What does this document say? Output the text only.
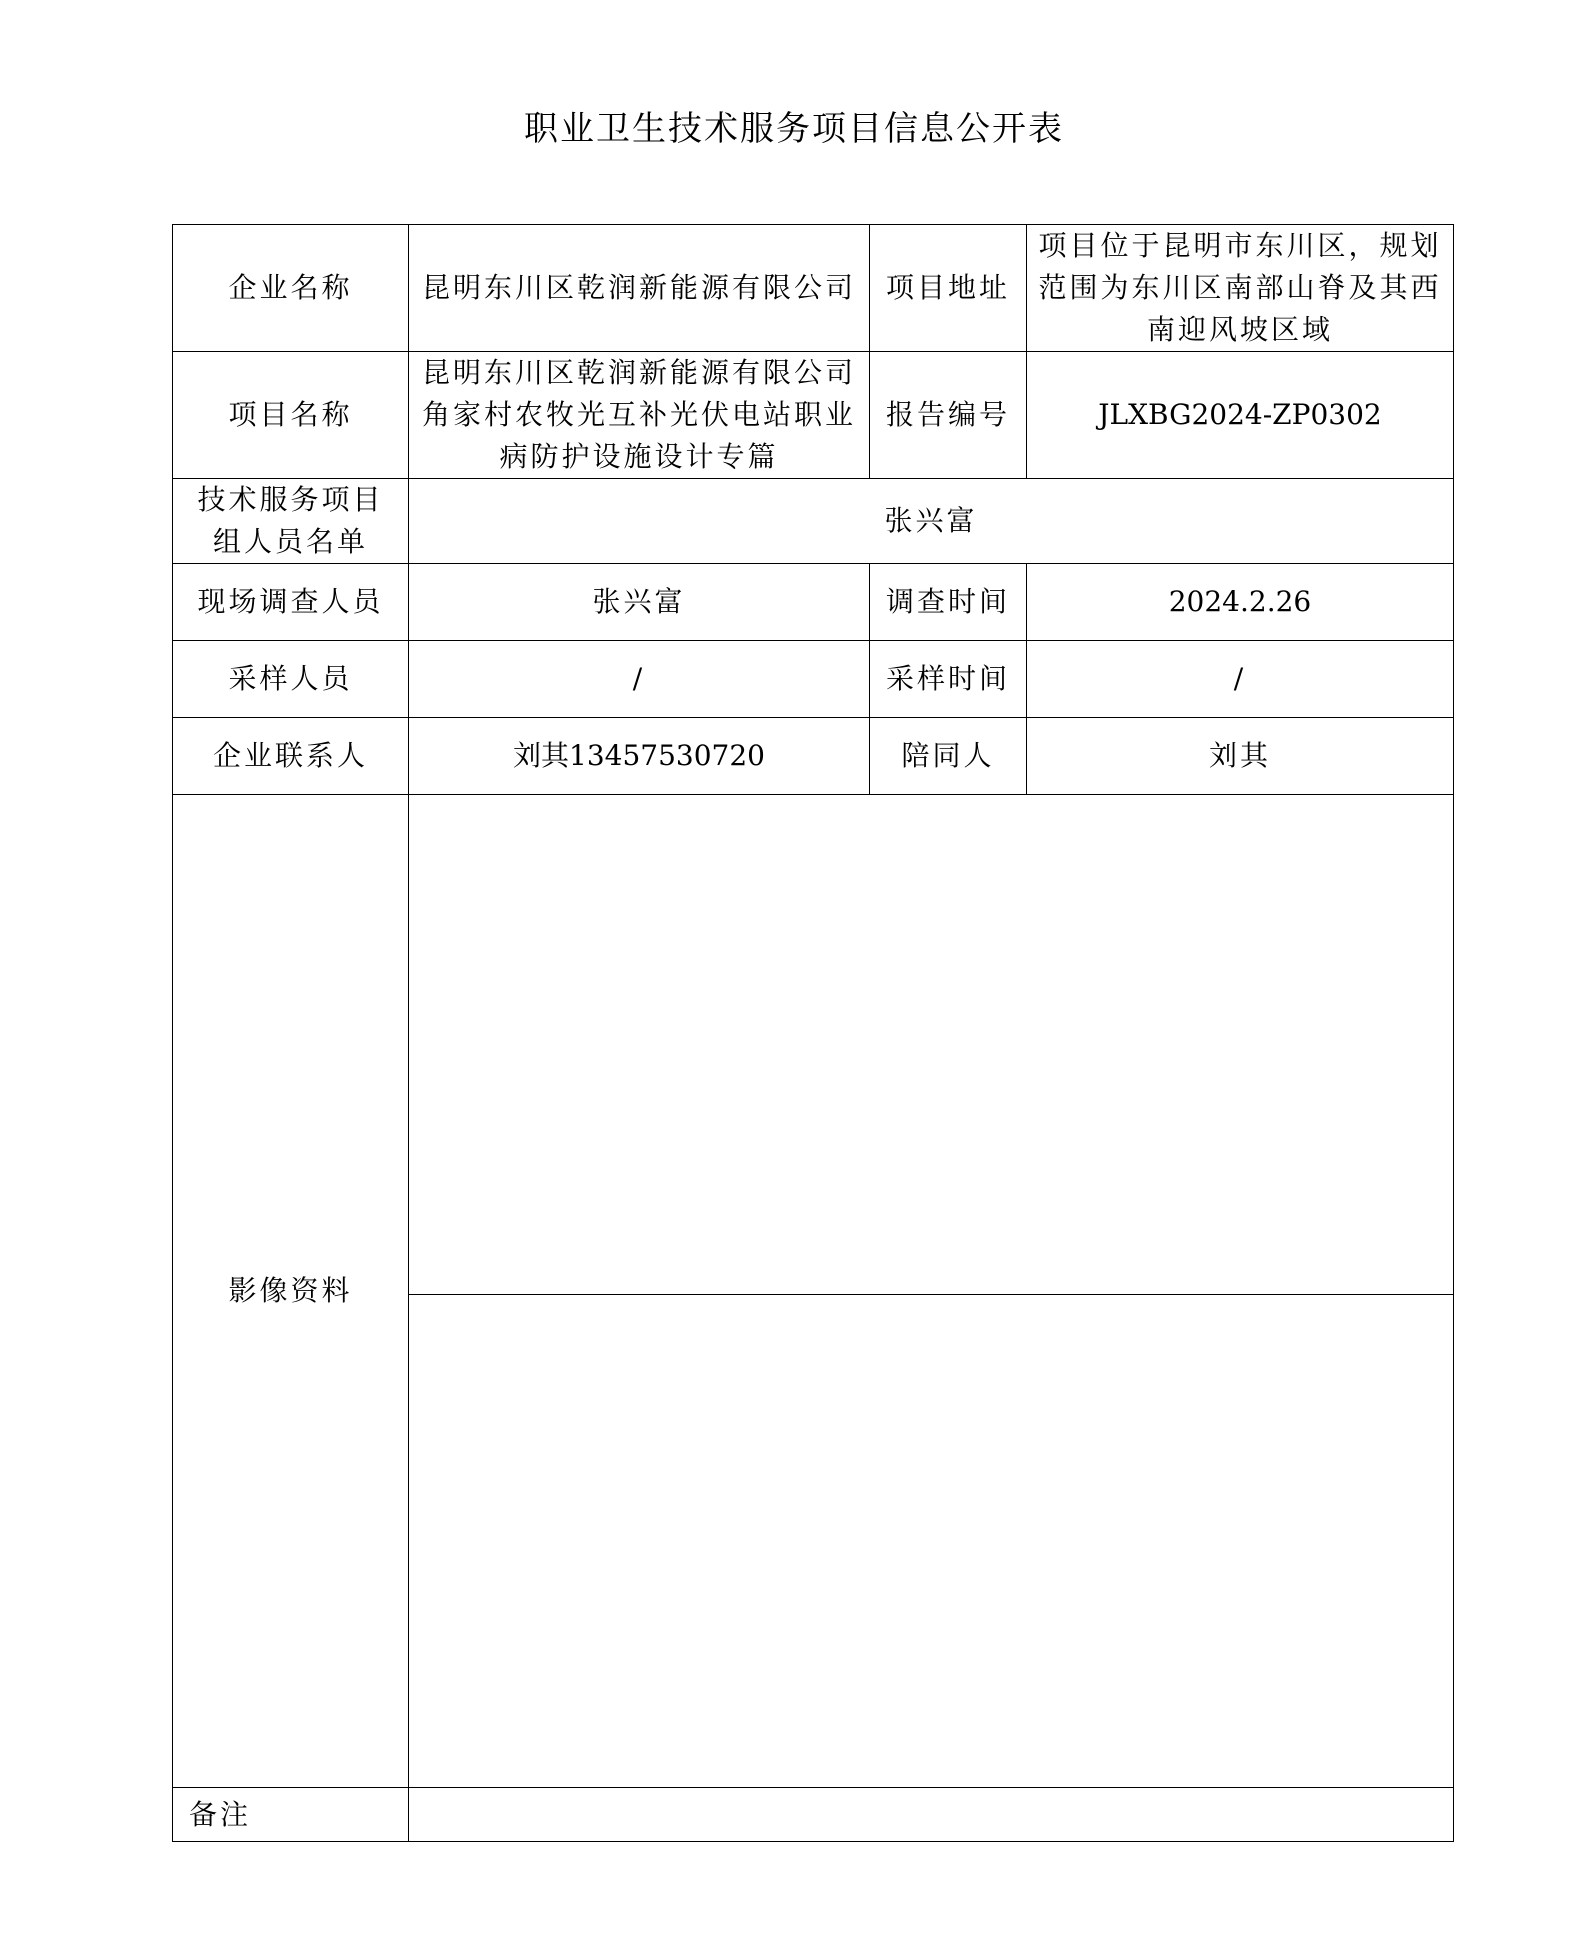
职业卫生技术服务项目信息公开表
企业名称	昆明东川区乾润新能源有限公司	项目地址	项目位于昆明市东川区，规划范围为东川区南部山脊及其西南迎风坡区域
项目名称	昆明东川区乾润新能源有限公司角家村农牧光互补光伏电站职业病防护设施设计专篇	报告编号	JLXBG2024-ZP0302
技术服务项目组人员名单	张兴富		
现场调查人员	张兴富	调查时间	2024.2.26
采样人员	/	采样时间	/
企业联系人	刘其13457530720	陪同人	刘其
影像资料			

备注			
